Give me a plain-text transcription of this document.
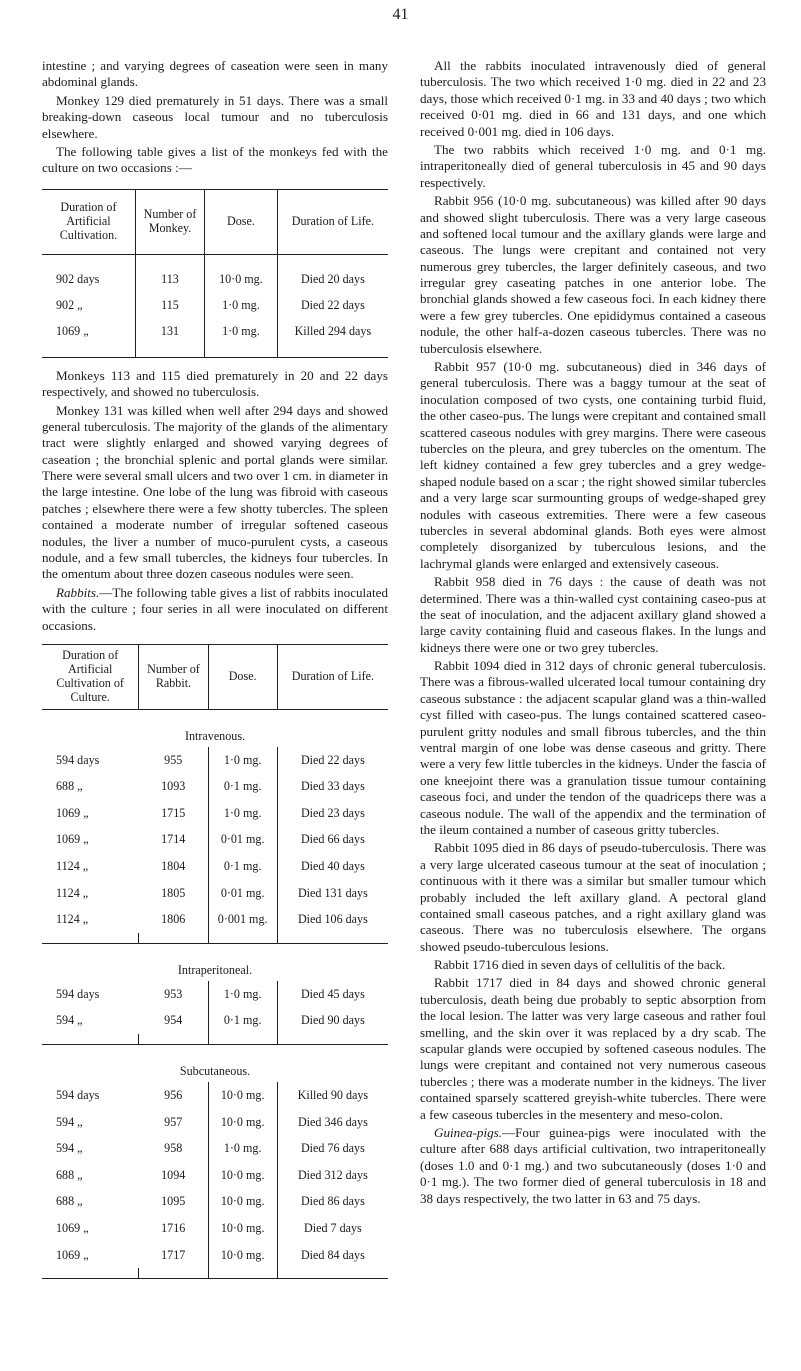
41

intestine ; and varying degrees of caseation were seen in many abdominal glands.

Monkey 129 died prematurely in 51 days. There was a small breaking-down caseous local tumour and no tuberculosis elsewhere.

The following table gives a list of the monkeys fed with the culture on two occasions :—

Duration of Artificial Cultivation.	Number of Monkey.	Dose.	Duration of Life.

902 days	113	10·0 mg.	Died 20 days
902 „	115	1·0 mg.	Died 22 days
1069 „	131	1·0 mg.	Killed 294 days

Monkeys 113 and 115 died prematurely in 20 and 22 days respectively, and showed no tuberculosis.

Monkey 131 was killed when well after 294 days and showed general tuberculosis. The majority of the glands of the alimentary tract were slightly enlarged and showed varying degrees of caseation ; the bronchial splenic and portal glands were similar. There were several small ulcers and two over 1 cm. in diameter in the large intestine. One lobe of the lung was fibroid with caseous patches ; elsewhere there were a few shotty tubercles. The spleen contained a moderate number of irregular softened caseous nodules, the liver a number of muco-purulent cysts, a caseous nodule, and a few small tubercles, the kidneys four tubercles. In the omentum about three dozen caseous nodules were seen.

Rabbits.—The following table gives a list of rabbits inoculated with the culture ; four series in all were inoculated on different occasions.

Duration of Artificial Cultivation of Culture.	Number of Rabbit.	Dose.	Duration of Life.
Intravenous.			
594 days	955	1·0 mg.	Died 22 days
688 „	1093	0·1 mg.	Died 33 days
1069 „	1715	1·0 mg.	Died 23 days
1069 „	1714	0·01 mg.	Died 66 days
1124 „	1804	0·1 mg.	Died 40 days
1124 „	1805	0·01 mg.	Died 131 days
1124 „	1806	0·001 mg.	Died 106 days

Intraperitoneal.			
594 days	953	1·0 mg.	Died 45 days
594 „	954	0·1 mg.	Died 90 days

Subcutaneous.			
594 days	956	10·0 mg.	Killed 90 days
594 „	957	10·0 mg.	Died 346 days
594 „	958	1·0 mg.	Died 76 days
688 „	1094	10·0 mg.	Died 312 days
688 „	1095	10·0 mg.	Died 86 days
1069 „	1716	10·0 mg.	Died 7 days
1069 „	1717	10·0 mg.	Died 84 days

All the rabbits inoculated intravenously died of general tuberculosis. The two which received 1·0 mg. died in 22 and 23 days, those which received 0·1 mg. in 33 and 40 days ; two which received 0·01 mg. died in 66 and 131 days, and one which received 0·001 mg. died in 106 days.

The two rabbits which received 1·0 mg. and 0·1 mg. intraperitoneally died of general tuberculosis in 45 and 90 days respectively.

Rabbit 956 (10·0 mg. subcutaneous) was killed after 90 days and showed slight tuberculosis. There was a very large caseous and softened local tumour and the axillary glands were large and caseous. The lungs were crepitant and contained not very numerous grey tubercles, the larger definitely caseous, and two irregular grey caseating patches in one anterior lobe. The bronchial glands showed a few caseous foci. In each kidney there were a few grey tubercles. One epididymus contained a caseous nodule, the other half-a-dozen caseous tubercles. There was no tuberculosis elsewhere.

Rabbit 957 (10·0 mg. subcutaneous) died in 346 days of general tuberculosis. There was a baggy tumour at the seat of inoculation composed of two cysts, one containing turbid fluid, the other caseo-pus. The lungs were crepitant and contained small scattered caseous nodules with grey margins. There were caseous tubercles on the pleura, and grey tubercles on the omentum. The left kidney contained a few grey tubercles and a grey wedge-shaped nodule based on a scar ; the right showed similar tubercles and a very large scar surmounting groups of wedge-shaped grey nodules with caseous extremities. There were a few caseous tubercles in several abdominal glands. Both eyes were almost completely disorganized by tuberculous lesions, and the lachrymal glands were enlarged and extensively caseous.

Rabbit 958 died in 76 days : the cause of death was not determined. There was a thin-walled cyst containing caseo-pus at the seat of inoculation, and the adjacent axillary gland showed a large cavity containing fluid and caseous flakes. In the lungs and kidneys there were one or two grey tubercles.

Rabbit 1094 died in 312 days of chronic general tuberculosis. There was a fibrous-walled ulcerated local tumour containing dry caseous substance : the adjacent scapular gland was a thin-walled cyst filled with caseo-pus. The lungs contained scattered caseo-purulent gritty nodules and small fibrous tubercles, and the thin ventral margin of one lobe was dense caseous and gritty. There were a very few little tubercles in the kidneys. Under the fascia of one kneejoint there was a granulation tissue tumour containing caseous foci, and under the tendon of the quadriceps there was a caseous nodule. The wall of the appendix and the termination of the ileum contained a number of caseous gritty tubercles.

Rabbit 1095 died in 86 days of pseudo-tuberculosis. There was a very large ulcerated caseous tumour at the seat of inoculation ; continuous with it there was a similar but smaller tumour which probably included the left axillary gland. A pectoral gland contained small caseous patches, and a right axillary gland was caseous. There was no tuberculosis elsewhere. The organs showed pseudo-tuberculous lesions.

Rabbit 1716 died in seven days of cellulitis of the back.

Rabbit 1717 died in 84 days and showed chronic general tuberculosis, death being due probably to septic absorption from the local lesion. The latter was very large caseous and rather foul smelling, and the skin over it was replaced by a dry scab. The scapular glands were occupied by softened caseous nodules. The lungs were crepitant and contained not very numerous caseous tubercles ; there was a moderate number in the kidneys. The liver contained sparsely scattered greyish-white tubercles. There were a few caseous tubercles in the mesentery and meso-colon.

Guinea-pigs.—Four guinea-pigs were inoculated with the culture after 688 days artificial cultivation, two intraperitoneally (doses 1.0 and 0·1 mg.) and two subcutaneously (doses 1·0 and 0·1 mg.). The two former died of general tuberculosis in 18 and 38 days respectively, the two latter in 63 and 75 days.
